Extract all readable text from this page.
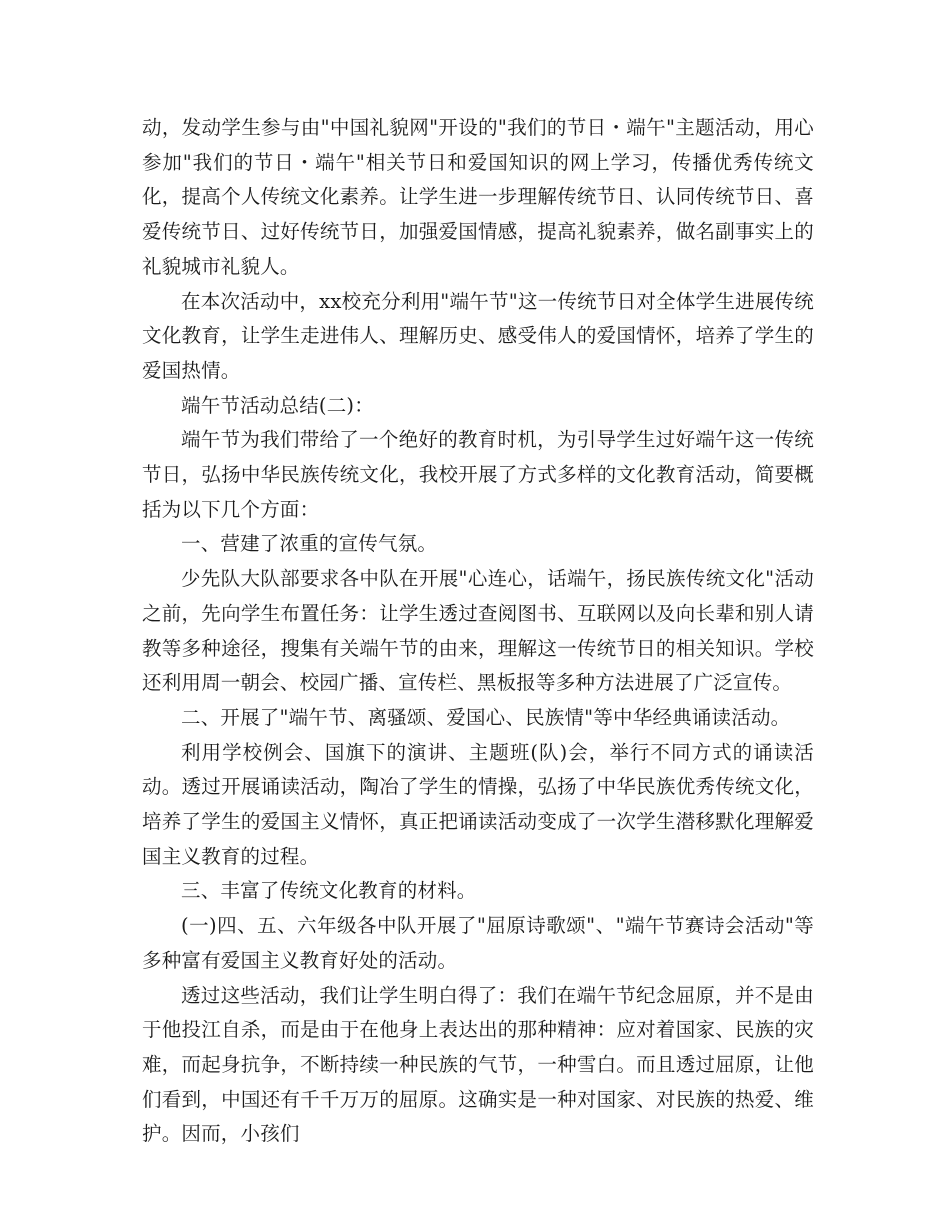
动，发动学生参与由"中国礼貌网"开设的"我们的节日・端午"主题活动，用心参加"我们的节日・端午"相关节日和爱国知识的网上学习，传播优秀传统文化，提高个人传统文化素养。让学生进一步理解传统节日、认同传统节日、喜爱传统节日、过好传统节日，加强爱国情感，提高礼貌素养，做名副事实上的礼貌城市礼貌人。

在本次活动中，xx校充分利用"端午节"这一传统节日对全体学生进展传统文化教育，让学生走进伟人、理解历史、感受伟人的爱国情怀，培养了学生的爱国热情。

端午节活动总结(二)：

端午节为我们带给了一个绝好的教育时机，为引导学生过好端午这一传统节日，弘扬中华民族传统文化，我校开展了方式多样的文化教育活动，简要概括为以下几个方面：

一、营建了浓重的宣传气氛。

少先队大队部要求各中队在开展"心连心，话端午，扬民族传统文化"活动之前，先向学生布置任务：让学生透过查阅图书、互联网以及向长辈和别人请教等多种途径，搜集有关端午节的由来，理解这一传统节日的相关知识。学校还利用周一朝会、校园广播、宣传栏、黑板报等多种方法进展了广泛宣传。

二、开展了"端午节、离骚颂、爱国心、民族情"等中华经典诵读活动。

利用学校例会、国旗下的演讲、主题班(队)会，举行不同方式的诵读活动。透过开展诵读活动，陶冶了学生的情操，弘扬了中华民族优秀传统文化，培养了学生的爱国主义情怀，真正把诵读活动变成了一次学生潜移默化理解爱国主义教育的过程。

三、丰富了传统文化教育的材料。

(一)四、五、六年级各中队开展了"屈原诗歌颂"、"端午节赛诗会活动"等多种富有爱国主义教育好处的活动。

透过这些活动，我们让学生明白得了：我们在端午节纪念屈原，并不是由于他投江自杀，而是由于在他身上表达出的那种精神：应对着国家、民族的灾难，而起身抗争，不断持续一种民族的气节，一种雪白。而且透过屈原，让他们看到，中国还有千千万万的屈原。这确实是一种对国家、对民族的热爱、维护。因而，小孩们
